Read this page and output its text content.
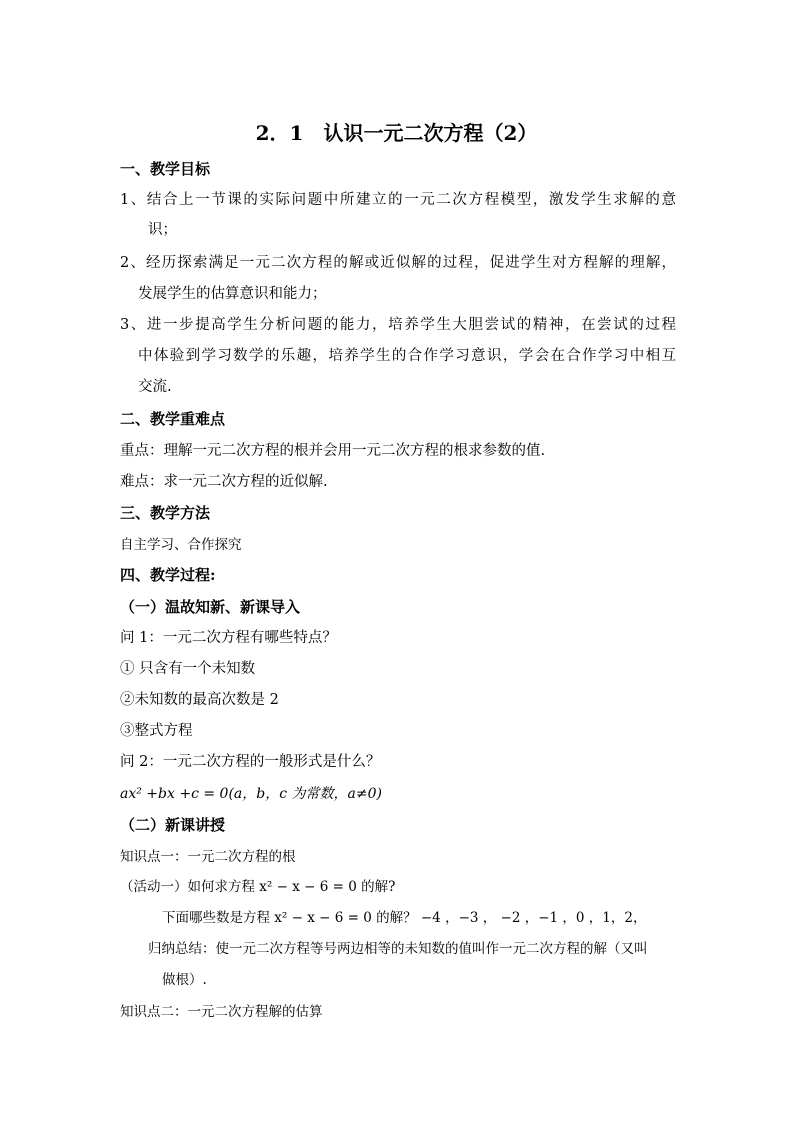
2．1　认识一元二次方程（2）
一、教学目标
1、结合上一节课的实际问题中所建立的一元二次方程模型，激发学生求解的意
识；
2、经历探索满足一元二次方程的解或近似解的过程，促进学生对方程解的理解，
发展学生的估算意识和能力；
3、进一步提高学生分析问题的能力，培养学生大胆尝试的精神，在尝试的过程
中体验到学习数学的乐趣，培养学生的合作学习意识，学会在合作学习中相互
交流.
二、教学重难点
重点：理解一元二次方程的根并会用一元二次方程的根求参数的值.
难点：求一元二次方程的近似解.
三、教学方法
自主学习、合作探究
四、教学过程:
（一）温故知新、新课导入
问 1：一元二次方程有哪些特点？
① 只含有一个未知数
②未知数的最高次数是 2
③整式方程
问 2：一元二次方程的一般形式是什么？
ax² +bx +c = 0(a，b，c 为常数，a≠0)
（二）新课讲授
知识点一：一元二次方程的根
（活动一）如何求方程 x² − x − 6 = 0 的解?
下面哪些数是方程 x² − x − 6 = 0 的解？ −4 ，−3 ， −2 ，−1 ，0 ，1，2，
归纳总结：使一元二次方程等号两边相等的未知数的值叫作一元二次方程的解（又叫
做根）.
知识点二：一元二次方程解的估算
